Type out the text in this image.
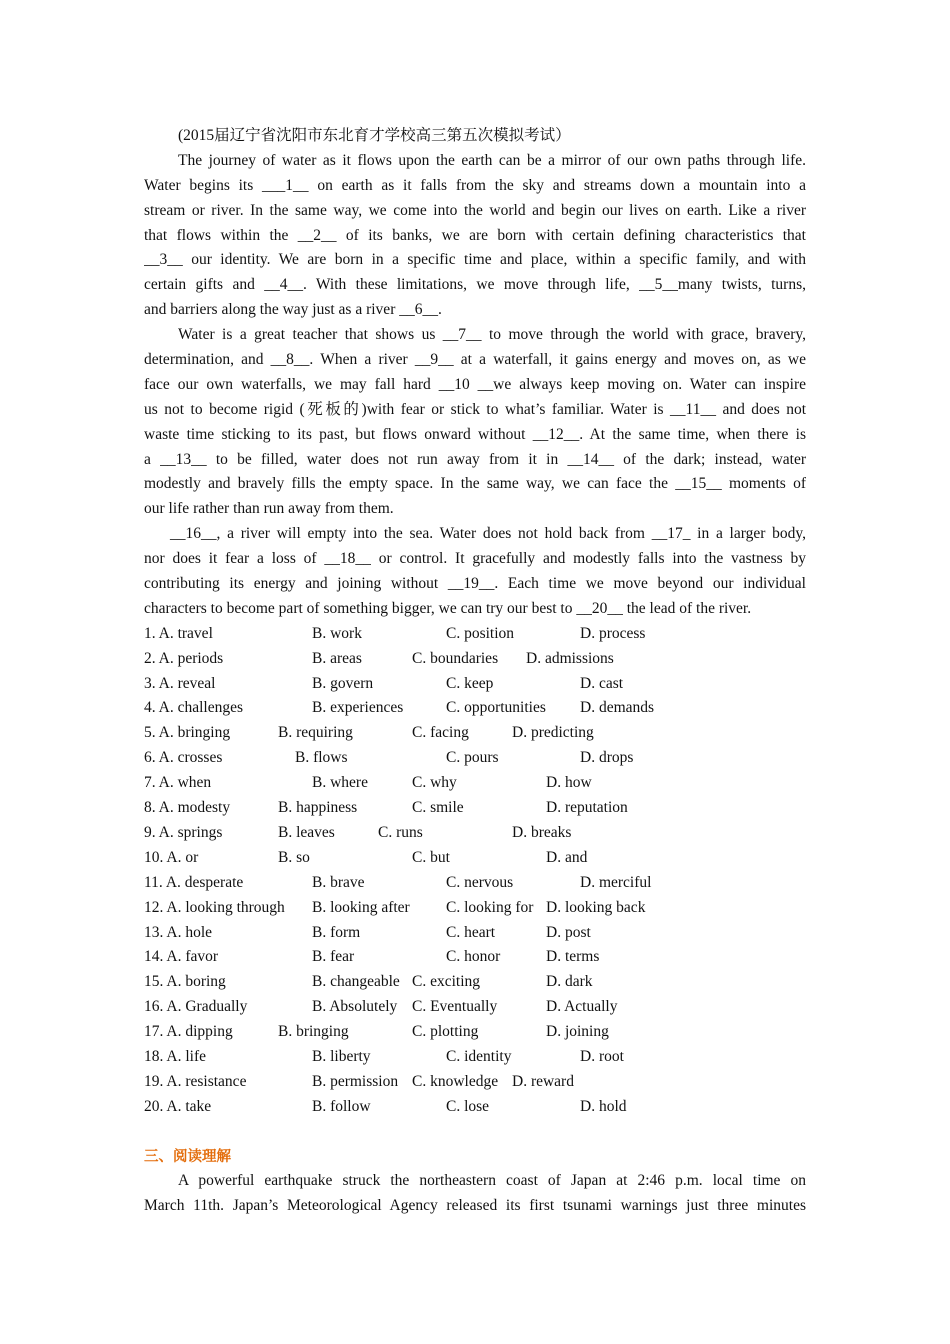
(2015届辽宁省沈阳市东北育才学校高三第五次模拟考试）
The journey of water as it flows upon the earth can be a mirror of our own paths through life.
Water begins its ___1__ on earth as it falls from the sky and streams down a mountain into a
stream or river. In the same way, we come into the world and begin our lives on earth. Like a river
that flows within the __2__ of its banks, we are born with certain defining characteristics that
__3__ our identity. We are born in a specific time and place, within a specific family, and with
certain gifts and __4__. With these limitations, we move through life, __5__many twists, turns,
and barriers along the way just as a river __6__.
Water is a great teacher that shows us __7__ to move through the world with grace, bravery,
determination, and __8__. When a river __9__ at a waterfall, it gains energy and moves on, as we
face our own waterfalls, we may fall hard __10 __we always keep moving on. Water can inspire
us not to become rigid (死板的)with fear or stick to what’s familiar. Water is __11__ and does not
waste time sticking to its past, but flows onward without __12__. At the same time, when there is
a __13__ to be filled, water does not run away from it in __14__ of the dark; instead, water
modestly and bravely fills the empty space. In the same way, we can face the __15__ moments of
our life rather than run away from them.
__16__, a river will empty into the sea. Water does not hold back from __17_ in a larger body,
nor does it fear a loss of __18__ or control. It gracefully and modestly falls into the vastness by
contributing its energy and joining without __19__. Each time we move beyond our individual
characters to become part of something bigger, we can try our best to __20__ the lead of the river.
1. A. travel	B. work	C. position	D. process
2. A. periods	B. areas	C. boundaries D. admissions
3. A. reveal	B. govern	C. keep	D. cast
4. A. challenges	B. experiences	C. opportunities D. demands
5. A. bringing	B. requiring	C. facing	D. predicting
6. A. crosses	B. flows	C. pours	D. drops
7. A. when	B. where	C. why	D. how
8. A. modesty	B. happiness	C. smile	D. reputation
9. A. springs	B. leaves	C. runs	D. breaks
10. A. or	B. so	C. but	D. and
11. A. desperate	B. brave	C. nervous	D. merciful
12. A. looking through B. looking after C. looking for D. looking back
13. A. hole	B. form	C. heart	D. post
14. A. favor	B. fear	C. honor	D. terms
15. A. boring	B. changeable C. exciting	D. dark
16. A. Gradually	B. Absolutely C. Eventually	D. Actually
17. A. dipping	B. bringing	C. plotting	D. joining
18. A. life	B. liberty	C. identity	D. root
19. A. resistance	B. permission C. knowledge D. reward
20. A. take	B. follow	C. lose	D. hold
三、阅读理解
A powerful earthquake struck the northeastern coast of Japan at 2:46 p.m. local time on
March 11th. Japan’s Meteorological Agency released its first tsunami warnings just three minutes
